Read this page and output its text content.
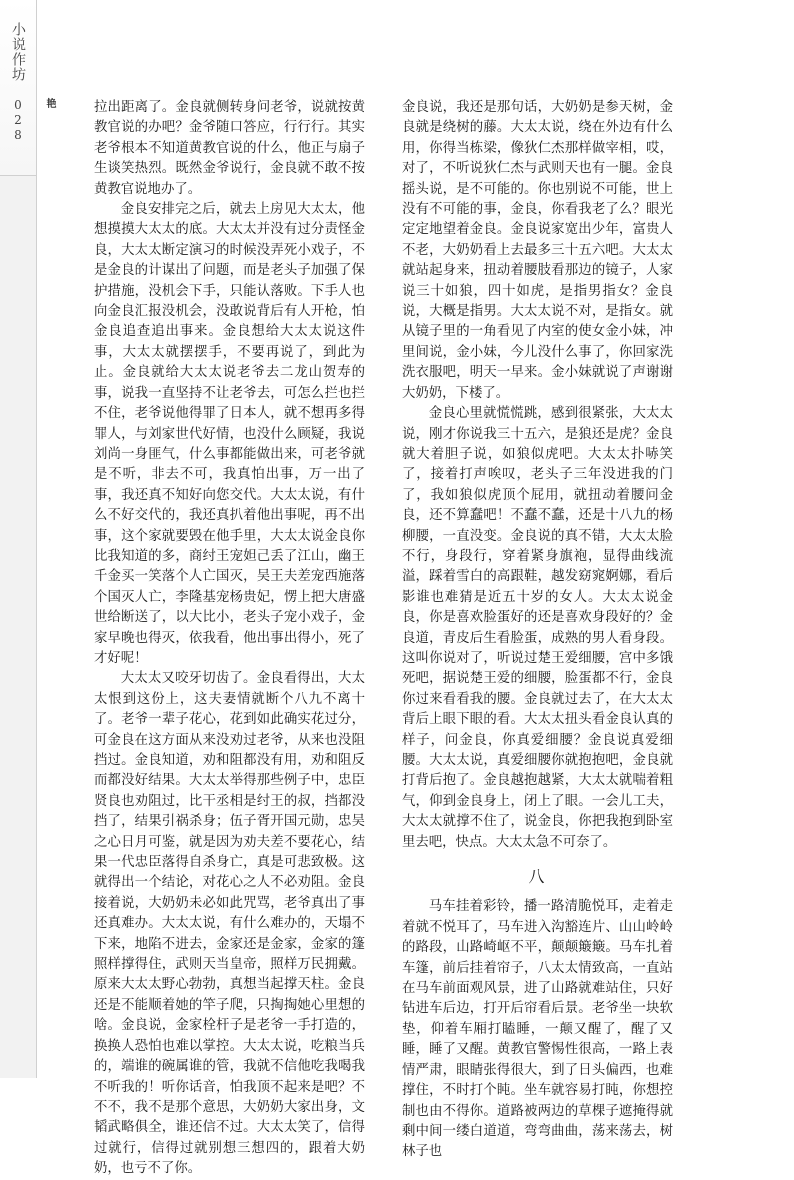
小说作坊
028 艳	拉出距离了。金良就侧转身问老爷，说就按黄教官说的办吧？金爷随口答应，行行行。其实老爷根本不知道黄教官说的什么，他正与扇子生谈笑热烈。既然金爷说行，金良就不敢不按黄教官说地办了。

金良安排完之后，就去上房见大太太，他想摸摸大太太的底。大太太并没有过分责怪金良，大太太断定演习的时候没弄死小戏子，不是金良的计谋出了问题，而是老头子加强了保护措施，没机会下手，只能认落败。下手人也向金良汇报没机会，没敢说背后有人开枪，怕金良追查追出事来。金良想给大太太说这件事，大太太就摆摆手，不要再说了，到此为止。金良就给大太太说老爷去二龙山贺寿的事，说我一直坚持不让老爷去，可怎么拦也拦不住，老爷说他得罪了日本人，就不想再多得罪人，与刘家世代好情，也没什么顾疑，我说刘尚一身匪气，什么事都能做出来，可老爷就是不听，非去不可，我真怕出事，万一出了事，我还真不知好向您交代。大太太说，有什么不好交代的，我还真扒着他出事呢，再不出事，这个家就要毁在他手里，大太太说金良你比我知道的多，商纣王宠妲己丢了江山，幽王千金买一笑落个人亡国灭，吴王夫差宠西施落个国灭人亡，李隆基宠杨贵妃，愣上把大唐盛世给断送了，以大比小，老头子宠小戏子，金家早晚也得灭，依我看，他出事出得小，死了才好呢！

大太太又咬牙切齿了。金良看得出，大太太恨到这份上，这夫妻情就断个八九不离十了。老爷一辈子花心，花到如此确实花过分，可金良在这方面从来没劝过老爷，从来也没阻挡过。金良知道，劝和阻都没有用，劝和阻反而都没好结果。大太太举得那些例子中，忠臣贤良也劝阻过，比干丞相是纣王的叔，挡都没挡了，结果引祸杀身；伍子胥开国元勋，忠吴之心日月可鉴，就是因为劝夫差不要花心，结果一代忠臣落得自杀身亡，真是可悲致极。这就得出一个结论，对花心之人不必劝阻。金良接着说，大奶奶未必如此咒骂，老爷真出了事还真难办。大太太说，有什么难办的，天塌不下来，地陷不进去，金家还是金家，金家的篷照样撑得住，武则天当皇帝，照样万民拥戴。原来大太太野心勃勃，真想当起撑天柱。金良还是不能顺着她的竿子爬，只掏掏她心里想的啥。金良说，金家栓杆子是老爷一手打造的，换换人恐怕也难以掌控。大太太说，吃粮当兵的，端谁的碗属谁的管，我就不信他吃我喝我不听我的！听你话音，怕我顶不起来是吧？不不不，我不是那个意思，大奶奶大家出身，文韬武略俱全，谁还信不过。大太太笑了，信得过就行，信得过就别想三想四的，跟着大奶奶，也亏不了你。

金良说，我还是那句话，大奶奶是参天树，金良就是绕树的藤。大太太说，绕在外边有什么用，你得当栋梁，像狄仁杰那样做宰相，哎，对了，不听说狄仁杰与武则天也有一腿。金良摇头说，是不可能的。你也别说不可能，世上没有不可能的事，金良，你看我老了么？眼光定定地望着金良。金良说家宽出少年，富贵人不老，大奶奶看上去最多三十五六吧。大太太就站起身来，扭动着腰肢看那边的镜子，人家说三十如狼，四十如虎，是指男指女？金良说，大概是指男。大太太说不对，是指女。就从镜子里的一角看见了内室的使女金小妹，冲里间说，金小妹，今儿没什么事了，你回家洗洗衣服吧，明天一早来。金小妹就说了声谢谢大奶奶，下楼了。

金良心里就慌慌跳，感到很紧张，大太太说，刚才你说我三十五六，是狼还是虎？金良就大着胆子说，如狼似虎吧。大太太扑哧笑了，接着打声唉叹，老头子三年没进我的门了，我如狼似虎顶个屁用，就扭动着腰问金良，还不算蠢吧！不蠢不蠢，还是十八九的杨柳腰，一直没变。金良说的真不错，大太太脸不行，身段行，穿着紧身旗袍，显得曲线流溢，踩着雪白的高跟鞋，越发窈窕婀娜，看后影谁也难猜是近五十岁的女人。大太太说金良，你是喜欢脸蛋好的还是喜欢身段好的？金良道，青皮后生看脸蛋，成熟的男人看身段。这叫你说对了，听说过楚王爱细腰，宫中多饿死吧，据说楚王爱的细腰，脸蛋都不行，金良你过来看看我的腰。金良就过去了，在大太太背后上眼下眼的看。大太太扭头看金良认真的样子，问金良，你真爱细腰？金良说真爱细腰。大太太说，真爱细腰你就抱抱吧，金良就打背后抱了。金良越抱越紧，大太太就喘着粗气，仰到金良身上，闭上了眼。一会儿工夫，大太太就撑不住了，说金良，你把我抱到卧室里去吧，快点。大太太急不可奈了。

八

马车挂着彩铃，播一路清脆悦耳，走着走着就不悦耳了，马车进入沟豁连片、山山岭岭的路段，山路崎岖不平，颠颠簸簸。马车扎着车篷，前后挂着帘子，八太太情致高，一直站在马车前面观风景，进了山路就难站住，只好钻进车后边，打开后帘看后景。老爷坐一块软垫，仰着车厢打瞌睡，一颠又醒了，醒了又睡，睡了又醒。黄教官警惕性很高，一路上表情严肃，眼睛张得很大，到了日头偏西，也难撑住，不时打个盹。坐车就容易打盹，你想控制也由不得你。道路被两边的草棵子遮掩得就剩中间一缕白道道，弯弯曲曲，荡来荡去，树林子也
